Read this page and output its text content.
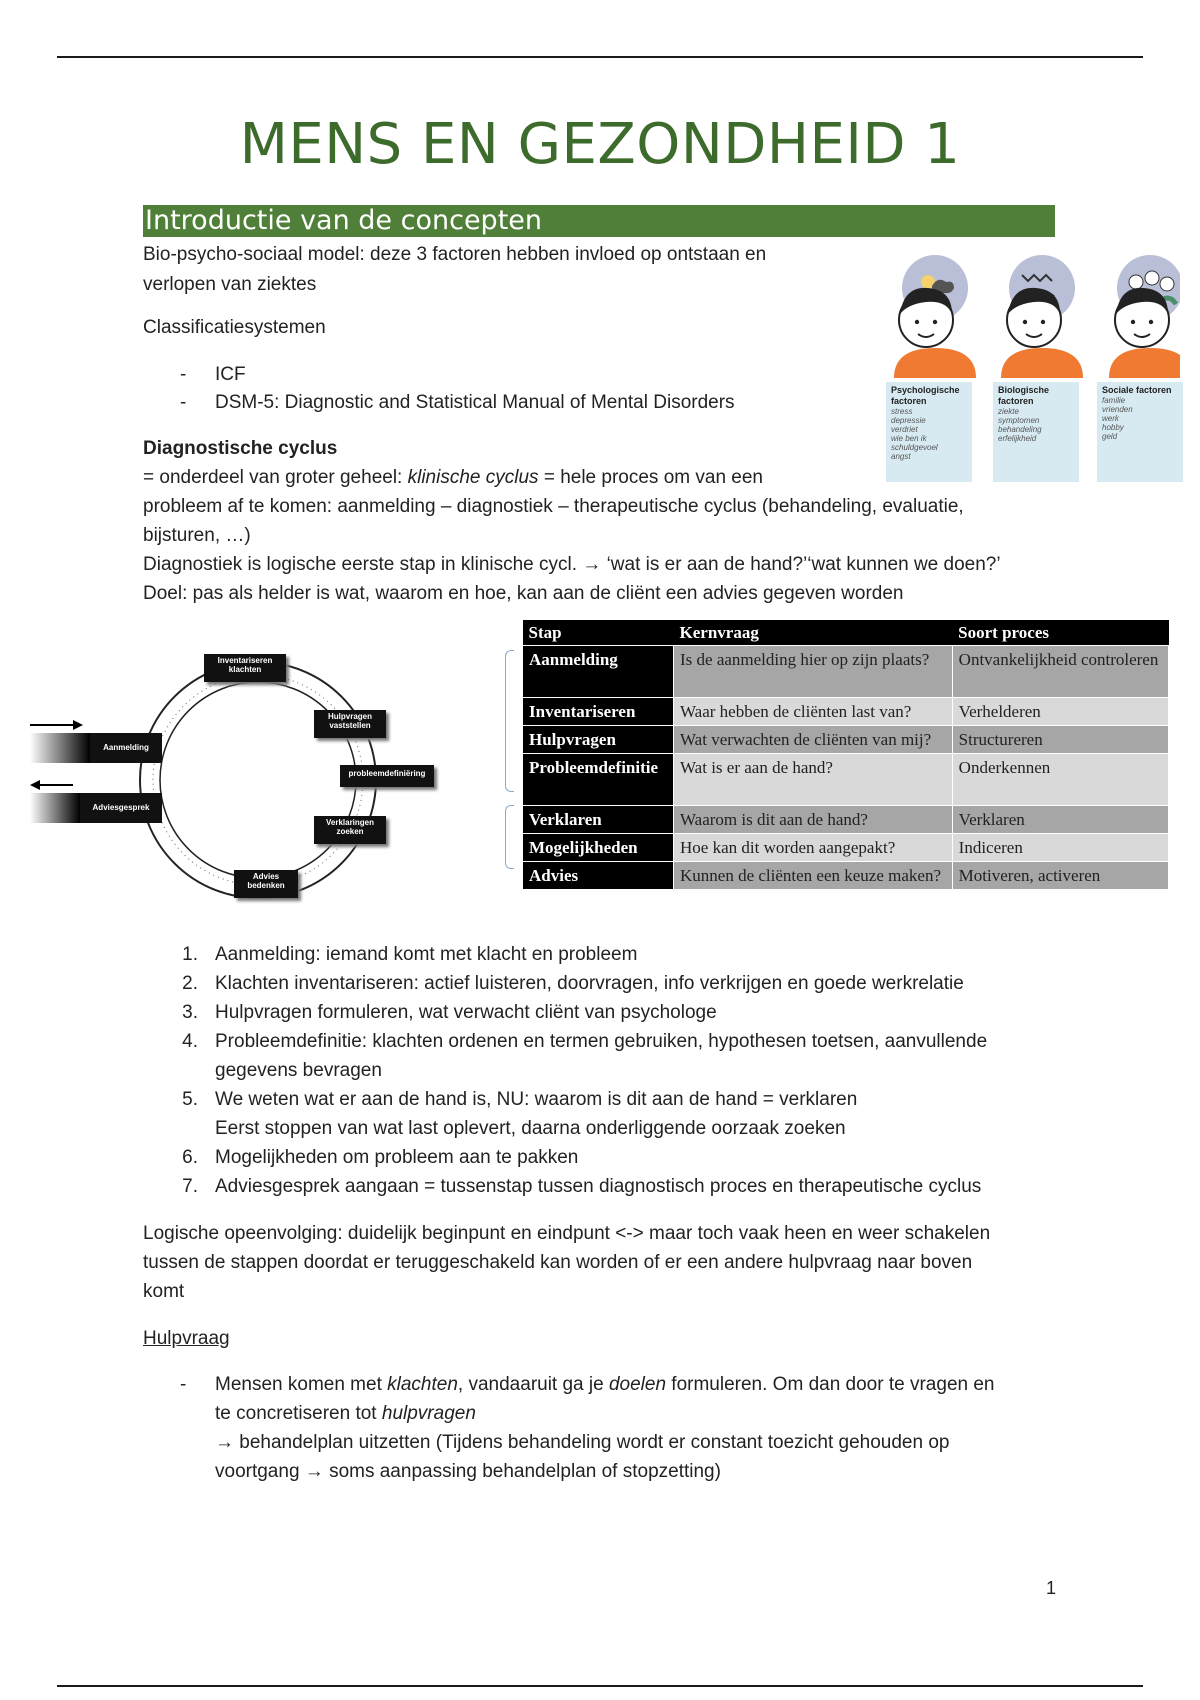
MENS EN GEZONDHEID 1
Introductie van de concepten
Bio-psycho-sociaal model: deze 3 factoren hebben invloed op ontstaan en
verlopen van ziektes
Classificatiesystemen
- ICF
- DSM-5: Diagnostic and Statistical Manual of Mental Disorders
Psychologische factoren
stress
depressie
verdriet
wie ben ik
schuldgevoel
angst
Biologische factoren
ziekte
symptomen
behandeling
erfelijkheid
Sociale factoren
familie
vrienden
werk
hobby
geld
Diagnostische cyclus
= onderdeel van groter geheel: klinische cyclus = hele proces om van een
probleem af te komen: aanmelding – diagnostiek – therapeutische cyclus (behandeling, evaluatie,
bijsturen, …)
Diagnostiek is logische eerste stap in klinische cycl. → ‘wat is er aan de hand?’‘wat kunnen we doen?’
Doel: pas als helder is wat, waarom en hoe, kan aan de cliënt een advies gegeven worden
Inventariseren klachten
Hulpvragen vaststellen
probleemdefiniëring
Verklaringen zoeken
Advies bedenken
Aanmelding
Adviesgesprek
Stap	Kernvraag	Soort proces
Aanmelding	Is de aanmelding hier op zijn plaats?	Ontvankelijkheid controleren
Inventariseren	Waar hebben de cliënten last van?	Verhelderen
Hulpvragen	Wat verwachten de cliënten van mij?	Structureren
Probleemdefinitie	Wat is er aan de hand?	Onderkennen
Verklaren	Waarom is dit aan de hand?	Verklaren
Mogelijkheden	Hoe kan dit worden aangepakt?	Indiceren
Advies	Kunnen de cliënten een keuze maken?	Motiveren, activeren
1. Aanmelding: iemand komt met klacht en probleem
2. Klachten inventariseren: actief luisteren, doorvragen, info verkrijgen en goede werkrelatie
3. Hulpvragen formuleren, wat verwacht cliënt van psychologe
4. Probleemdefinitie: klachten ordenen en termen gebruiken, hypothesen toetsen, aanvullende
gegevens bevragen
5. We weten wat er aan de hand is, NU: waarom is dit aan de hand = verklaren
Eerst stoppen van wat last oplevert, daarna onderliggende oorzaak zoeken
6. Mogelijkheden om probleem aan te pakken
7. Adviesgesprek aangaan = tussenstap tussen diagnostisch proces en therapeutische cyclus
Logische opeenvolging: duidelijk beginpunt en eindpunt <-> maar toch vaak heen en weer schakelen
tussen de stappen doordat er teruggeschakeld kan worden of er een andere hulpvraag naar boven
komt
Hulpvraag
- Mensen komen met klachten, vandaaruit ga je doelen formuleren. Om dan door te vragen en
te concretiseren tot hulpvragen
→ behandelplan uitzetten (Tijdens behandeling wordt er constant toezicht gehouden op
voortgang → soms aanpassing behandelplan of stopzetting)
1
